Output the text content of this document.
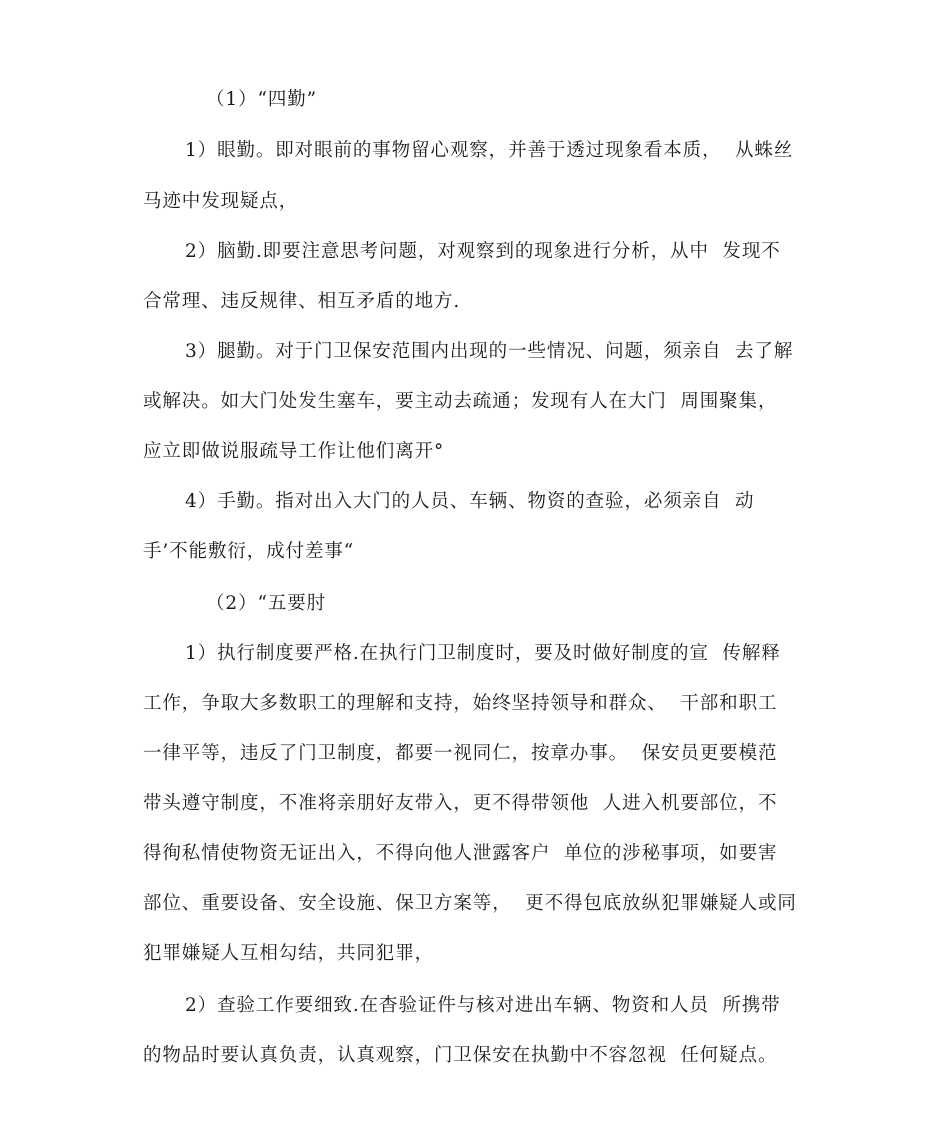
（1）“四勤”
1）眼勤。即对眼前的事物留心观察，并善于透过现象看本质，  从蛛丝
马迹中发现疑点，
2）脑勤.即要注意思考问题，对观察到的现象进行分析，从中  发现不
合常理、违反规律、相互矛盾的地方.
3）腿勤。对于门卫保安范围内出现的一些情况、问题，须亲自  去了解
或解决。如大门处发生塞车，要主动去疏通；发现有人在大门  周围聚集，
应立即做说服疏导工作让他们离开°
4）手勤。指对出入大门的人员、车辆、物资的查验，必须亲自  动
手’不能敷衍，成付差事“
（2）“五要肘
1）执行制度要严格.在执行门卫制度时，要及时做好制度的宣  传解释
工作，争取大多数职工的理解和支持，始终坚持领导和群众、  干部和职工
一律平等，违反了门卫制度，都要一视同仁，按章办事。  保安员更要模范
带头遵守制度，不准将亲朋好友带入，更不得带领他  人进入机要部位，不
得徇私情使物资无证出入，不得向他人泄露客户  单位的涉秘事项，如要害
部位、重要设备、安全设施、保卫方案等，  更不得包底放纵犯罪嫌疑人或同
犯罪嫌疑人互相勾结，共同犯罪，
2）查验工作要细致.在杳验证件与核对进出车辆、物资和人员  所携带
的物品时要认真负责，认真观察，门卫保安在执勤中不容忽视  任何疑点。
